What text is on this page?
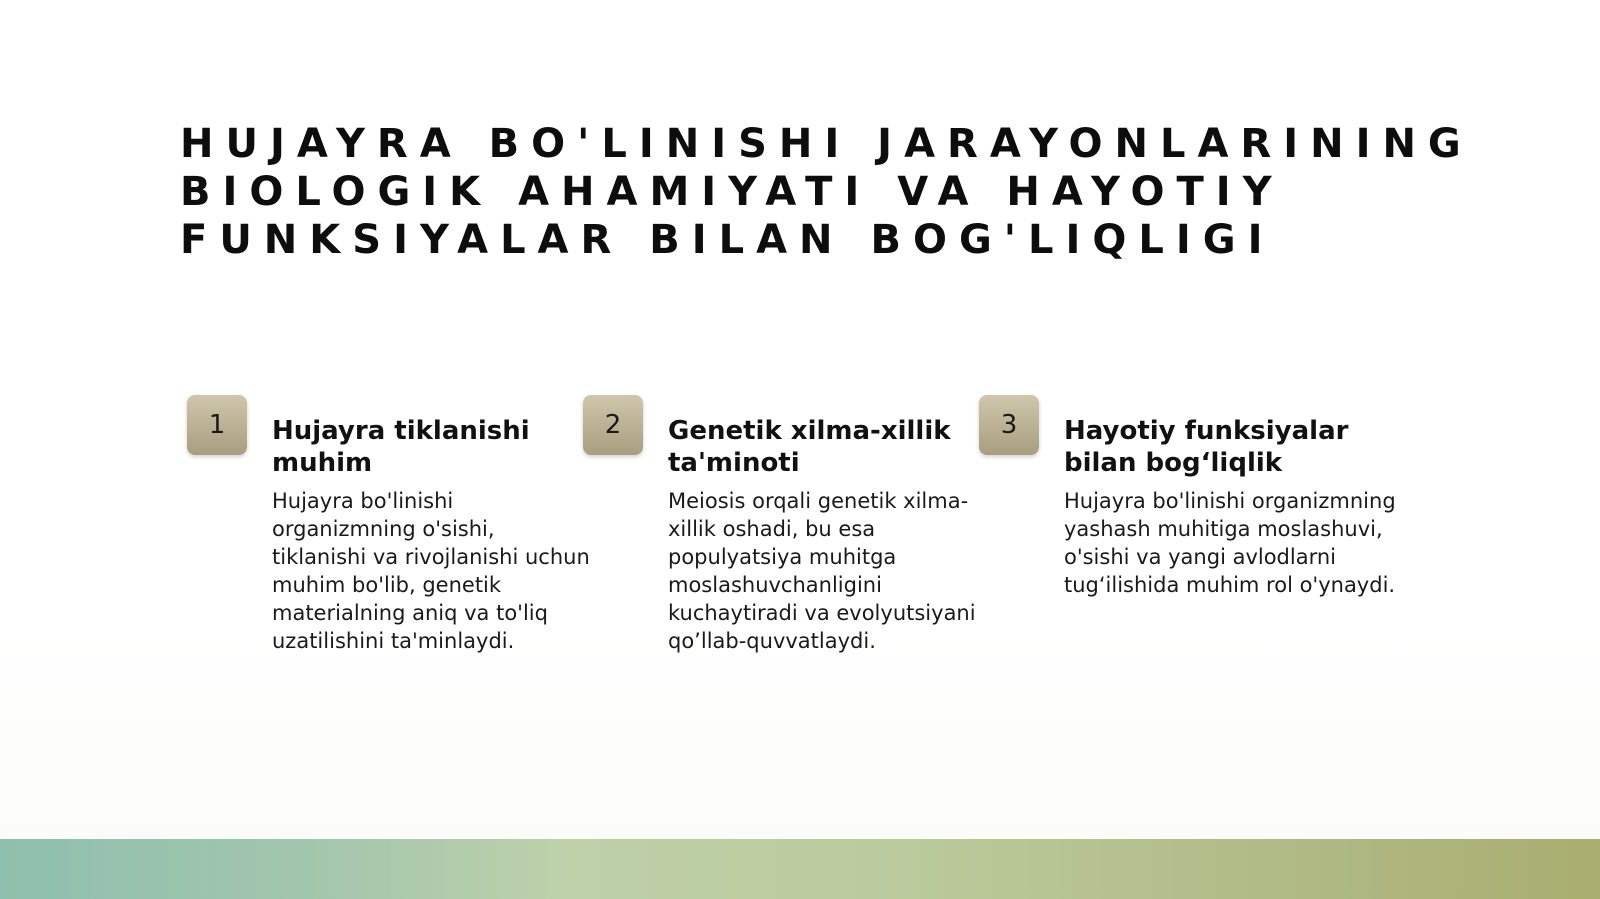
HUJAYRA BO'LINISHI JARAYONLARINING BIOLOGIK AHAMIYATI VA HAYOTIY FUNKSIYALAR BILAN BOG'LIQLIGI
1	Hujayra tiklanishi muhim

Hujayra bo'linishi organizmning o'sishi, tiklanishi va rivojlanishi uchun muhim bo'lib, genetik materialning aniq va to'liq uzatilishini ta'minlaydi.

2	Genetik xilma-xillik ta'minoti

Meiosis orqali genetik xilma-xillik oshadi, bu esa populyatsiya muhitga moslashuvchanligini kuchaytiradi va evolyutsiyani qo’llab-quvvatlaydi.

3	Hayotiy funksiyalar bilan bog‘liqlik

Hujayra bo'linishi organizmning yashash muhitiga moslashuvi, o'sishi va yangi avlodlarni tug‘ilishida muhim rol o'ynaydi.
